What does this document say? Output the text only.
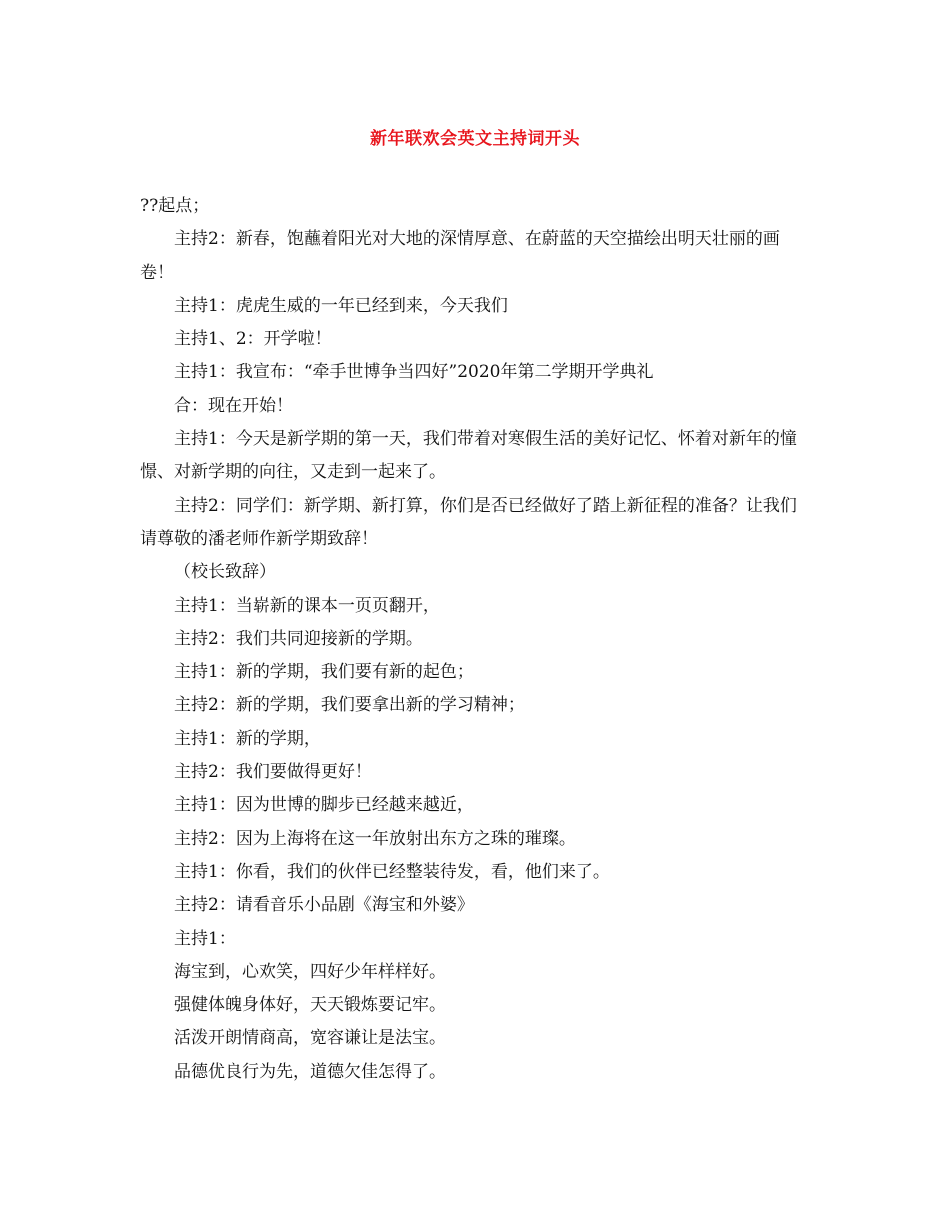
新年联欢会英文主持词开头

??起点；

主持2：新春，饱蘸着阳光对大地的深情厚意、在蔚蓝的天空描绘出明天壮丽的画卷！

主持1：虎虎生威的一年已经到来，今天我们

主持1、2：开学啦！

主持1：我宣布：“牵手世博争当四好”2020年第二学期开学典礼

合：现在开始！

主持1：今天是新学期的第一天，我们带着对寒假生活的美好记忆、怀着对新年的憧憬、对新学期的向往，又走到一起来了。

主持2：同学们：新学期、新打算，你们是否已经做好了踏上新征程的准备？让我们请尊敬的潘老师作新学期致辞！

（校长致辞）

主持1：当崭新的课本一页页翻开，

主持2：我们共同迎接新的学期。

主持1：新的学期，我们要有新的起色；

主持2：新的学期，我们要拿出新的学习精神；

主持1：新的学期，

主持2：我们要做得更好！

主持1：因为世博的脚步已经越来越近，

主持2：因为上海将在这一年放射出东方之珠的璀璨。

主持1：你看，我们的伙伴已经整装待发，看，他们来了。

主持2：请看音乐小品剧《海宝和外婆》

主持1：

海宝到，心欢笑，四好少年样样好。

强健体魄身体好，天天锻炼要记牢。

活泼开朗情商高，宽容谦让是法宝。

品德优良行为先，道德欠佳怎得了。
